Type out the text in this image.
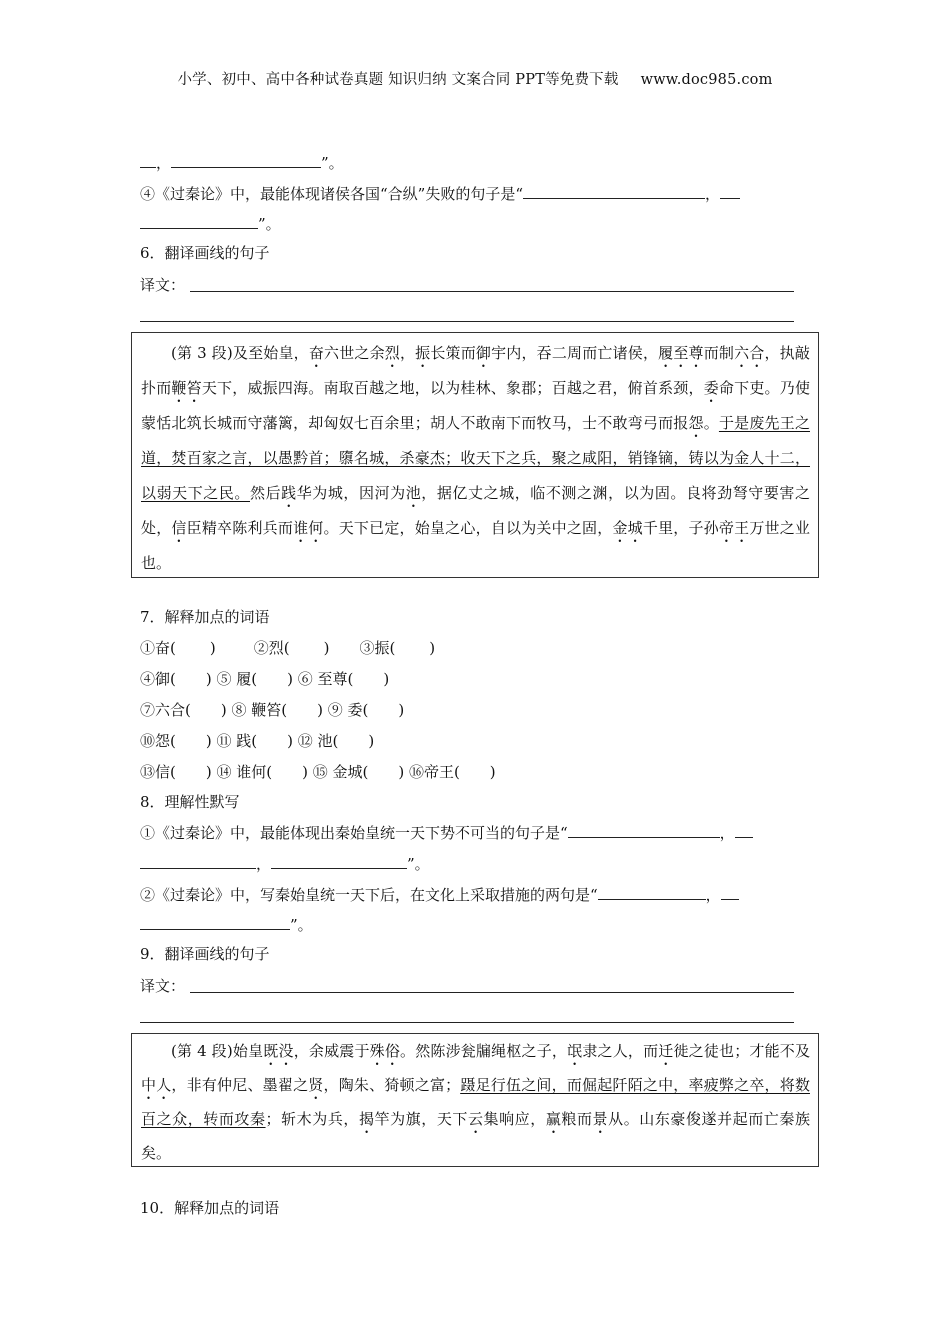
小学、初中、高中各种试卷真题 知识归纳 文案合同 PPT等免费下载 www.doc985.com
，	”。
④《过秦论》中，最能体现诸侯各国“合纵”失败的句子是“	，
”。
6．翻译画线的句子
译文：

(第 3 段)及至始皇，奋六世之余烈，振长策而御宇内，吞二周而亡诸侯，履至尊而制六合，执敲扑而鞭笞天下，威振四海。南取百越之地，以为桂林、象郡；百越之君，俯首系颈，委命下吏。乃使蒙恬北筑长城而守藩篱，却匈奴七百余里；胡人不敢南下而牧马，士不敢弯弓而报怨。于是废先王之道，焚百家之言，以愚黔首；隳名城，杀豪杰；收天下之兵，聚之咸阳，销锋镝，铸以为金人十二，以弱天下之民。然后践华为城，因河为池，据亿丈之城，临不测之渊，以为固。良将劲弩守要害之处，信臣精卒陈利兵而谁何。天下已定，始皇之心，自以为关中之固，金城千里，子孙帝王万世之业也。

7．解释加点的词语
①奋( )	②烈( ) ③振( )
④御(　　) ⑤ 履(　　) ⑥ 至尊(　　)
⑦六合(　　) ⑧ 鞭笞(　　) ⑨ 委(　　)
⑩怨(　　) ⑪ 践(　　) ⑫ 池(　　)
⑬信(　　) ⑭ 谁何(　　) ⑮ 金城(　　) ⑯帝王(　　)
8．理解性默写
①《过秦论》中，最能体现出秦始皇统一天下势不可当的句子是“	，
，	”。
②《过秦论》中，写秦始皇统一天下后，在文化上采取措施的两句是“	，
”。
9．翻译画线的句子
译文：

(第 4 段)始皇既没，余威震于殊俗。然陈涉瓮牖绳枢之子，氓隶之人，而迁徙之徒也；才能不及中人，非有仲尼、墨翟之贤，陶朱、猗顿之富；蹑足行伍之间，而倔起阡陌之中，率疲弊之卒，将数百之众，转而攻秦；斩木为兵，揭竿为旗，天下云集响应，赢粮而景从。山东豪俊遂并起而亡秦族矣。

10．解释加点的词语
